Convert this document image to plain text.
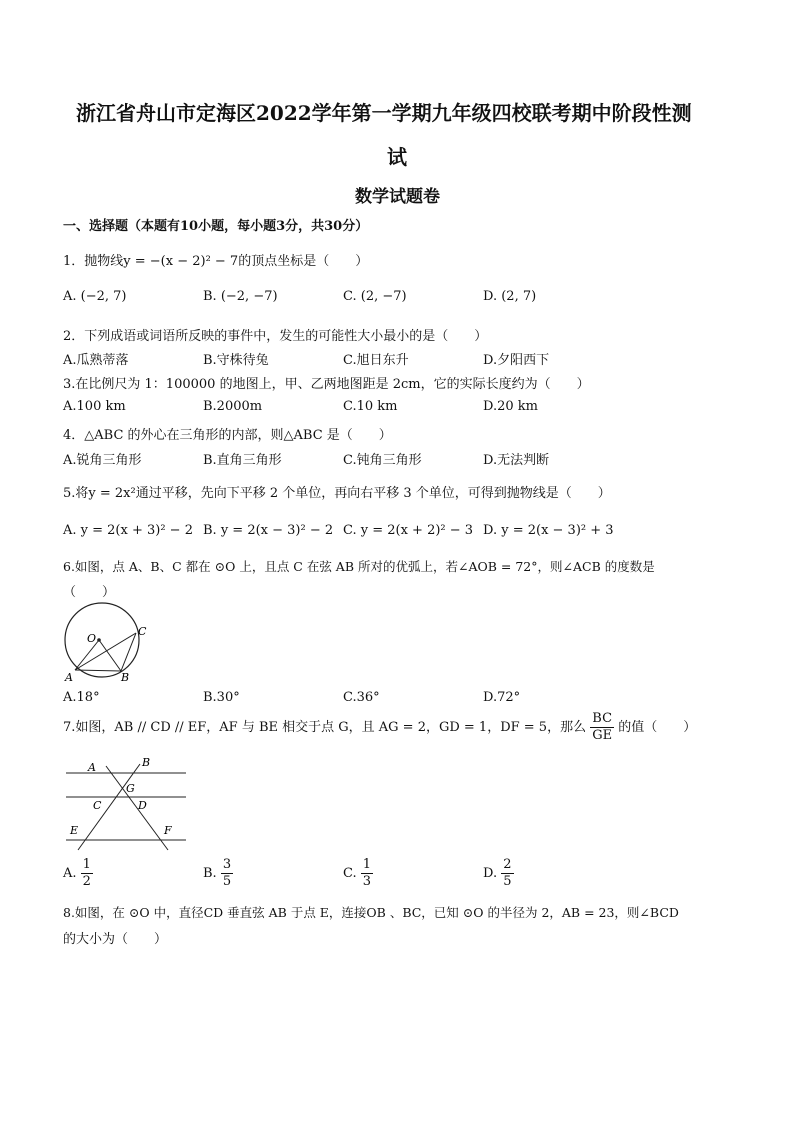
浙江省舟山市定海区2022学年第一学期九年级四校联考期中阶段性测
试
数学试题卷
一、选择题（本题有10小题，每小题3分，共30分）
1．抛物线y = −(x − 2)² − 7的顶点坐标是（　　）
A. (−2, 7)	B. (−2, −7)	C. (2, −7)	D. (2, 7)
2．下列成语或词语所反映的事件中，发生的可能性大小最小的是（　　）
A.瓜熟蒂落	B.守株待兔	C.旭日东升	D.夕阳西下
3.在比例尺为 1：100000 的地图上，甲、乙两地图距是 2cm，它的实际长度约为（　　）
A.100 km	B.2000m	C.10 km	D.20 km
4．△ABC 的外心在三角形的内部，则△ABC 是（　　）
A.锐角三角形	B.直角三角形	C.钝角三角形	D.无法判断
5.将y = 2x²通过平移，先向下平移 2 个单位，再向右平移 3 个单位，可得到抛物线是（　　）
A. y = 2(x + 3)² − 2 B. y = 2(x − 3)² − 2 C. y = 2(x + 2)² − 3 D. y = 2(x − 3)² + 3
6.如图，点 A、B、C 都在 ⊙O 上，且点 C 在弦 AB 所对的优弧上，若∠AOB = 72°，则∠ACB 的度数是
（　　）
O
C
A	B
A.18°	B.30°	C.36°	D.72°
7.如图，AB // CD // EF，AF 与 BE 相交于点 G，且 AG = 2，GD = 1，DF = 5，那么 $\frac{BC}{GE}$ 的值（　　）
A	B
G
C	D
E	F
A. $\frac{1}{2}$	B. $\frac{3}{5}$	C. $\frac{1}{3}$	D. $\frac{2}{5}$
8.如图，在 ⊙O 中，直径CD 垂直弦 AB 于点 E，连接OB 、BC，已知 ⊙O 的半径为 2，AB = 23，则∠BCD
的大小为（　　）
